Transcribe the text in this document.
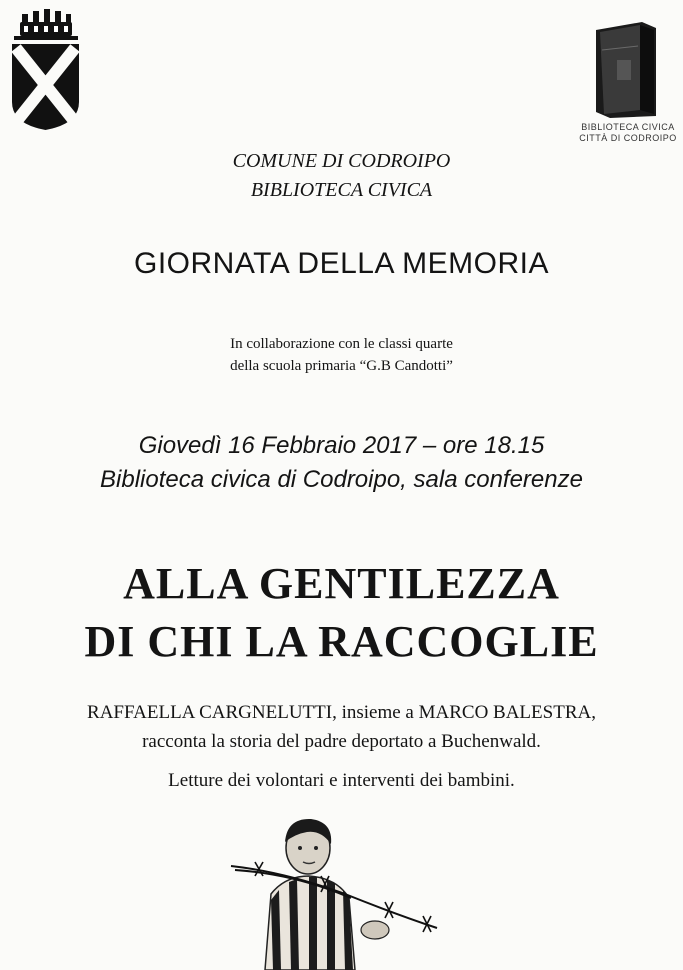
BIBLIOTECA CIVICA
CITTÀ DI CODROIPO
COMUNE DI CODROIPO
BIBLIOTECA CIVICA
GIORNATA DELLA MEMORIA
In collaborazione con le classi quarte
della scuola primaria “G.B Candotti”
Giovedì 16 Febbraio 2017 – ore 18.15
Biblioteca civica di Codroipo, sala conferenze
ALLA GENTILEZZA
DI CHI LA RACCOGLIE
RAFFAELLA CARGNELUTTI, insieme a MARCO BALESTRA,
racconta la storia del padre deportato a Buchenwald.
Letture dei volontari e interventi dei bambini.
